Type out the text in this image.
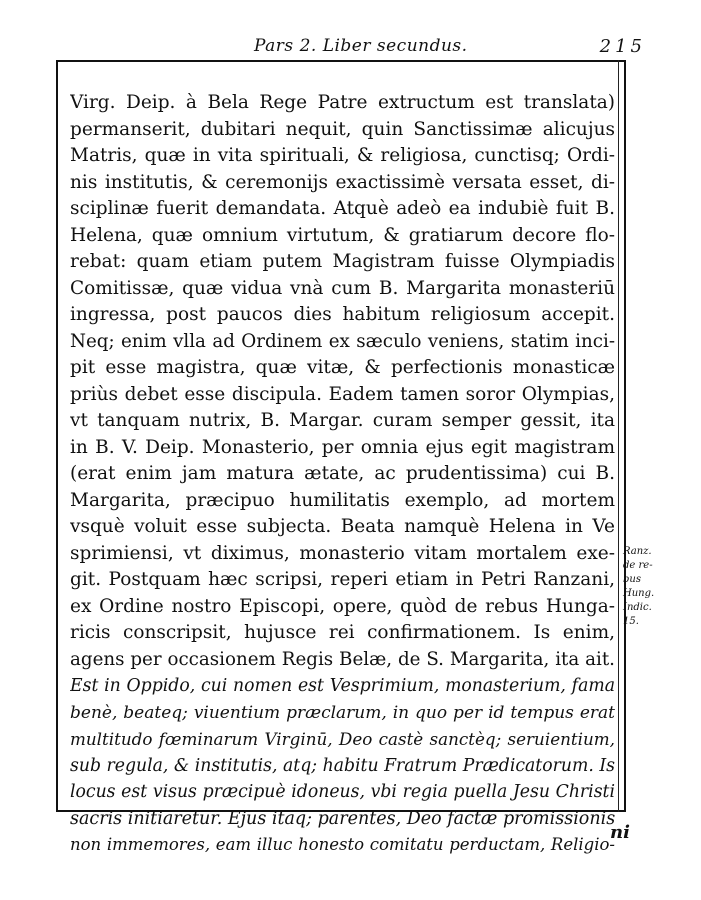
Pars 2. Liber secundus.	215
Virg. Deip. à Bela Rege Patre extructum est translata)
permanserit, dubitari nequit, quin Sanctissimæ alicujus
Matris, quæ in vita spirituali, & religiosa, cunctisq; Ordi-
nis institutis, & ceremonijs exactissimè versata esset, di-
sciplinæ fuerit demandata. Atquè adeò ea indubiè fuit B.
Helena, quæ omnium virtutum, & gratiarum decore flo-
rebat: quam etiam putem Magistram fuisse Olympiadis
Comitissæ, quæ vidua vnà cum B. Margarita monasteriū
ingressa, post paucos dies habitum religiosum accepit.
Neq; enim vlla ad Ordinem ex sæculo veniens, statim inci-
pit esse magistra, quæ vitæ, & perfectionis monasticæ
priùs debet esse discipula. Eadem tamen soror Olympias,
vt tanquam nutrix, B. Margar. curam semper gessit, ita
in B. V. Deip. Monasterio, per omnia ejus egit magistram
(erat enim jam matura ætate, ac prudentissima) cui B.
Margarita, præcipuo humilitatis exemplo, ad mortem
vsquè voluit esse subjecta. Beata namquè Helena in Ve
sprimiensi, vt diximus, monasterio vitam mortalem exe-
git. Postquam hæc scripsi, reperi etiam in Petri Ranzani,
ex Ordine nostro Episcopi, opere, quòd de rebus Hunga-
ricis conscripsit, hujusce rei confirmationem. Is enim,
agens per occasionem Regis Belæ, de S. Margarita, ita ait.
Est in Oppido, cui nomen est Vesprimium, monasterium, fama
benè, beateq; viuentium præclarum, in quo per id tempus erat
multitudo fœminarum Virginū, Deo castè sanctèq; seruientium,
sub regula, & institutis, atq; habitu Fratrum Prædicatorum. Is
locus est visus præcipuè idoneus, vbi regia puella Jesu Christi
sacris initiaretur. Ejus itaq; parentes, Deo factæ promissionis
non immemores, eam illuc honesto comitatu perductam, Religio-
Ranz.
de re-
bus
Hung.
Indic.
15.
ni
